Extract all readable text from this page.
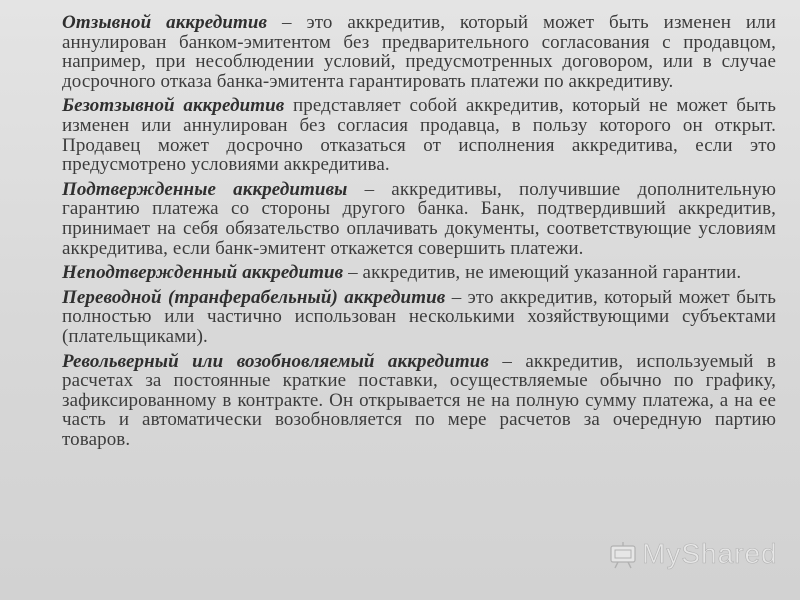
Отзывной аккредитив – это аккредитив, который может быть изменен или аннулирован банком-эмитентом без предварительного согласования с продавцом, например, при несоблюдении условий, предусмотренных договором, или в случае досрочного отказа банка-эмитента гарантировать платежи по аккредитиву.

Безотзывной аккредитив представляет собой аккредитив, который не может быть изменен или аннулирован без согласия продавца, в пользу которого он открыт. Продавец может досрочно отказаться от исполнения аккредитива, если это предусмотрено условиями аккредитива.

Подтвержденные аккредитивы – аккредитивы, получившие дополнительную гарантию платежа со стороны другого банка. Банк, подтвердивший аккредитив, принимает на себя обязательство оплачивать документы, соответствующие условиям аккредитива, если банк-эмитент откажется совершить платежи.

Неподтвержденный аккредитив – аккредитив, не имеющий указанной гарантии.

Переводной (транферабельный) аккредитив – это аккредитив, который может быть полностью или частично использован несколькими хозяйствующими субъектами (плательщиками).

Револьверный или возобновляемый аккредитив – аккредитив, используемый в расчетах за постоянные краткие поставки, осуществляемые обычно по графику, зафиксированному в контракте. Он открывается не на полную сумму платежа, а на ее часть и автоматически возобновляется по мере расчетов за очередную партию товаров.

MyShared
